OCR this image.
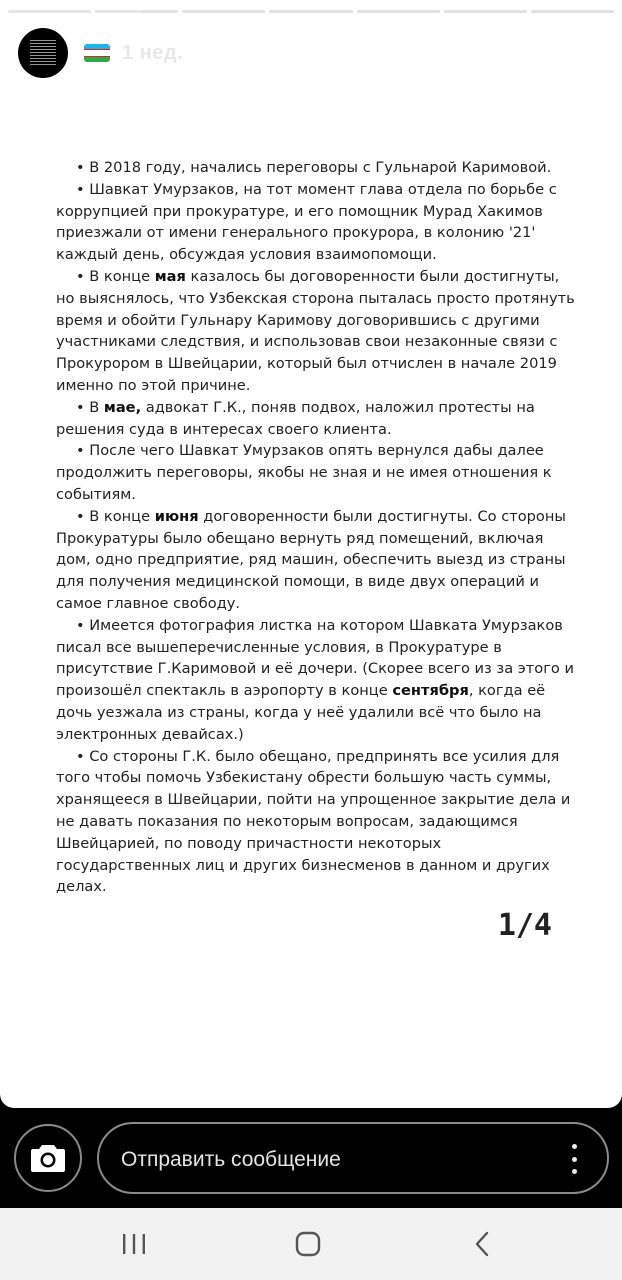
1 нед.

• В 2018 году, начались переговоры с Гульнарой Каримовой.

• Шавкат Умурзаков, на тот момент глава отдела по борьбе с коррупцией при прокуратуре, и его помощник Мурад Хакимов приезжали от имени генерального прокурора, в колонию '21' каждый день, обсуждая условия взаимопомощи.

• В конце мая казалось бы договоренности были достигнуты, но выяснялось, что Узбекская сторона пыталась просто протянуть время и обойти Гульнару Каримову договорившись с другими участниками следствия, и использовав свои незаконные связи с Прокурором в Швейцарии, который был отчислен в начале 2019 именно по этой причине.

• В мае, адвокат Г.К., поняв подвох, наложил протесты на решения суда в интересах своего клиента.

• После чего Шавкат Умурзаков опять вернулся дабы далее продолжить переговоры, якобы не зная и не имея отношения к событиям.

• В конце июня договоренности были достигнуты. Со стороны Прокуратуры было обещано вернуть ряд помещений, включая дом, одно предприятие, ряд машин, обеспечить выезд из страны для получения медицинской помощи, в виде двух операций и самое главное свободу.

• Имеется фотография листка на котором Шавката Умурзаков писал все вышеперечисленные условия, в Прокуратуре в присутствие Г.Каримовой и её дочери. (Скорее всего из за этого и произошёл спектакль в аэропорту в конце сентября, когда её дочь уезжала из страны, когда у неё удалили всё что было на электронных девайсах.)

• Со стороны Г.К. было обещано, предпринять все усилия для того чтобы помочь Узбекистану обрести большую часть суммы, хранящееся в Швейцарии, пойти на упрощенное закрытие дела и не давать показания по некоторым вопросам, задающимся Швейцарией, по поводу причастности некоторых государственных лиц и других бизнесменов в данном и других делах.

1/4
Отправить сообщение
